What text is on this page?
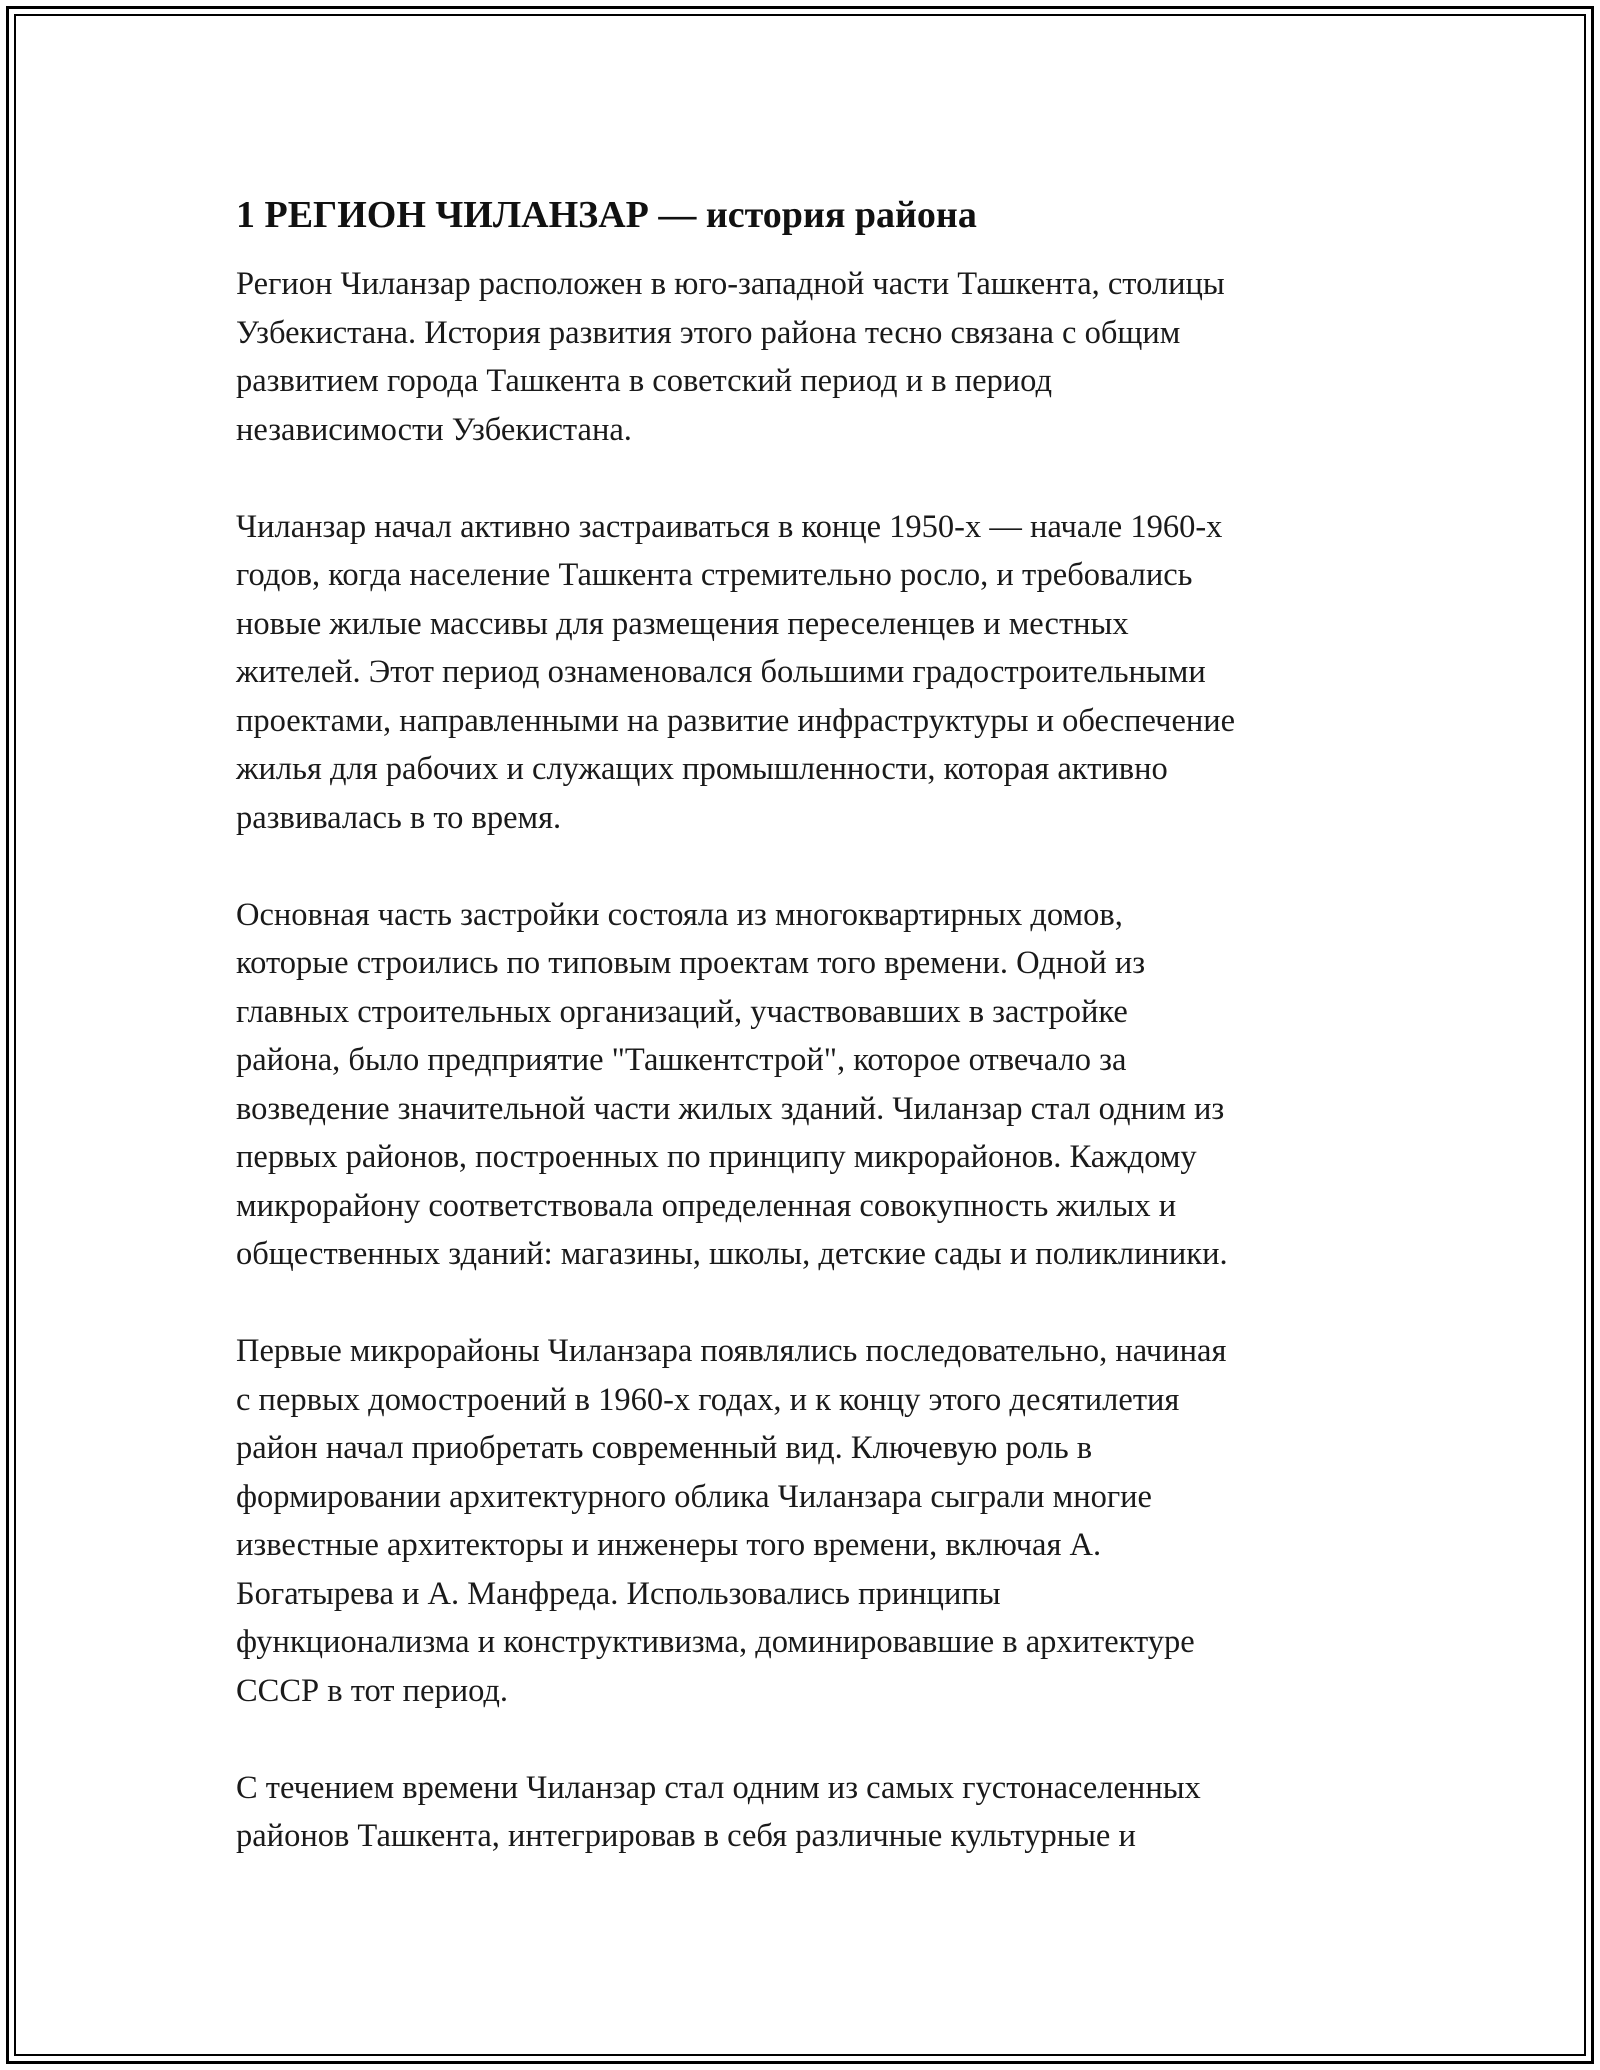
1 РЕГИОН ЧИЛАНЗАР — история района

Регион Чиланзар расположен в юго-западной части Ташкента, столицы
Узбекистана. История развития этого района тесно связана с общим
развитием города Ташкента в советский период и в период
независимости Узбекистана.

Чиланзар начал активно застраиваться в конце 1950-х — начале 1960-х
годов, когда население Ташкента стремительно росло, и требовались
новые жилые массивы для размещения переселенцев и местных
жителей. Этот период ознаменовался большими градостроительными
проектами, направленными на развитие инфраструктуры и обеспечение
жилья для рабочих и служащих промышленности, которая активно
развивалась в то время.

Основная часть застройки состояла из многоквартирных домов,
которые строились по типовым проектам того времени. Одной из
главных строительных организаций, участвовавших в застройке
района, было предприятие "Ташкентстрой", которое отвечало за
возведение значительной части жилых зданий. Чиланзар стал одним из
первых районов, построенных по принципу микрорайонов. Каждому
микрорайону соответствовала определенная совокупность жилых и
общественных зданий: магазины, школы, детские сады и поликлиники.

Первые микрорайоны Чиланзара появлялись последовательно, начиная
с первых домостроений в 1960-х годах, и к концу этого десятилетия
район начал приобретать современный вид. Ключевую роль в
формировании архитектурного облика Чиланзара сыграли многие
известные архитекторы и инженеры того времени, включая А.
Богатырева и А. Манфреда. Использовались принципы
функционализма и конструктивизма, доминировавшие в архитектуре
СССР в тот период.

С течением времени Чиланзар стал одним из самых густонаселенных
районов Ташкента, интегрировав в себя различные культурные и
